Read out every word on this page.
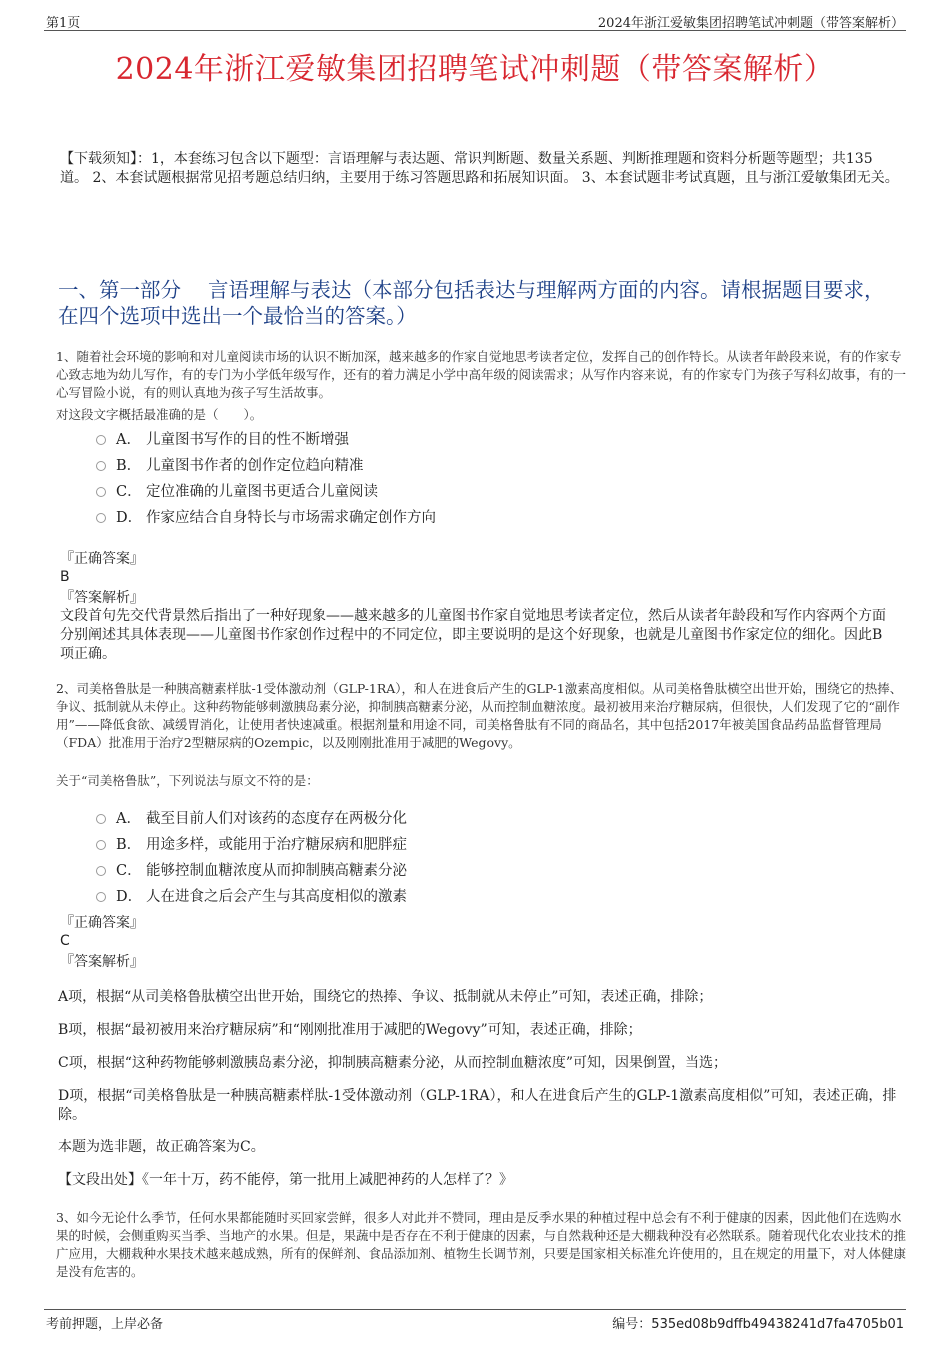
第1页	2024年浙江爱敏集团招聘笔试冲刺题（带答案解析）
2024年浙江爱敏集团招聘笔试冲刺题（带答案解析）
【下载须知】：1，本套练习包含以下题型：言语理解与表达题、常识判断题、数量关系题、判断推理题和资料分析题等题型；共135道。 2、本套试题根据常见招考题总结归纳，主要用于练习答题思路和拓展知识面。 3、本套试题非考试真题，且与浙江爱敏集团无关。
一、第一部分　 言语理解与表达（本部分包括表达与理解两方面的内容。请根据题目要求，在四个选项中选出一个最恰当的答案。）
1、随着社会环境的影响和对儿童阅读市场的认识不断加深，越来越多的作家自觉地思考读者定位，发挥自己的创作特长。从读者年龄段来说，有的作家专心致志地为幼儿写作，有的专门为小学低年级写作，还有的着力满足小学中高年级的阅读需求；从写作内容来说，有的作家专门为孩子写科幻故事，有的一心写冒险小说，有的则认真地为孩子写生活故事。
对这段文字概括最准确的是（　　）。
A． 儿童图书写作的目的性不断增强
B． 儿童图书作者的创作定位趋向精准
C． 定位准确的儿童图书更适合儿童阅读
D． 作家应结合自身特长与市场需求确定创作方向
『正确答案』
B
『答案解析』
文段首句先交代背景然后指出了一种好现象——越来越多的儿童图书作家自觉地思考读者定位，然后从读者年龄段和写作内容两个方面分别阐述其具体表现——儿童图书作家创作过程中的不同定位，即主要说明的是这个好现象，也就是儿童图书作家定位的细化。因此B项正确。
2、司美格鲁肽是一种胰高糖素样肽-1受体激动剂（GLP-1RA），和人在进食后产生的GLP-1激素高度相似。从司美格鲁肽横空出世开始，围绕它的热捧、争议、抵制就从未停止。这种药物能够刺激胰岛素分泌，抑制胰高糖素分泌，从而控制血糖浓度。最初被用来治疗糖尿病，但很快，人们发现了它的“副作用”——降低食欲、减缓胃消化，让使用者快速减重。根据剂量和用途不同，司美格鲁肽有不同的商品名，其中包括2017年被美国食品药品监督管理局（FDA）批准用于治疗2型糖尿病的Ozempic，以及刚刚批准用于减肥的Wegovy。
关于“司美格鲁肽”，下列说法与原文不符的是：
A． 截至目前人们对该药的态度存在两极分化
B． 用途多样，或能用于治疗糖尿病和肥胖症
C． 能够控制血糖浓度从而抑制胰高糖素分泌
D． 人在进食之后会产生与其高度相似的激素
『正确答案』
C
『答案解析』
A项，根据“从司美格鲁肽横空出世开始，围绕它的热捧、争议、抵制就从未停止”可知，表述正确，排除；
B项，根据“最初被用来治疗糖尿病”和“刚刚批准用于减肥的Wegovy”可知，表述正确，排除；
C项，根据“这种药物能够刺激胰岛素分泌，抑制胰高糖素分泌，从而控制血糖浓度”可知，因果倒置，当选；
D项，根据“司美格鲁肽是一种胰高糖素样肽-1受体激动剂（GLP-1RA），和人在进食后产生的GLP-1激素高度相似”可知，表述正确，排除。
本题为选非题，故正确答案为C。
【文段出处】《一年十万，药不能停，第一批用上减肥神药的人怎样了？》
3、如今无论什么季节，任何水果都能随时买回家尝鲜，很多人对此并不赞同，理由是反季水果的种植过程中总会有不利于健康的因素，因此他们在选购水果的时候，会侧重购买当季、当地产的水果。但是，果蔬中是否存在不利于健康的因素，与自然栽种还是大棚栽种没有必然联系。随着现代化农业技术的推广应用，大棚栽种水果技术越来越成熟，所有的保鲜剂、食品添加剂、植物生长调节剂，只要是国家相关标准允许使用的，且在规定的用量下，对人体健康是没有危害的。
考前押题，上岸必备	编号：535ed08b9dffb49438241d7fa4705b01
